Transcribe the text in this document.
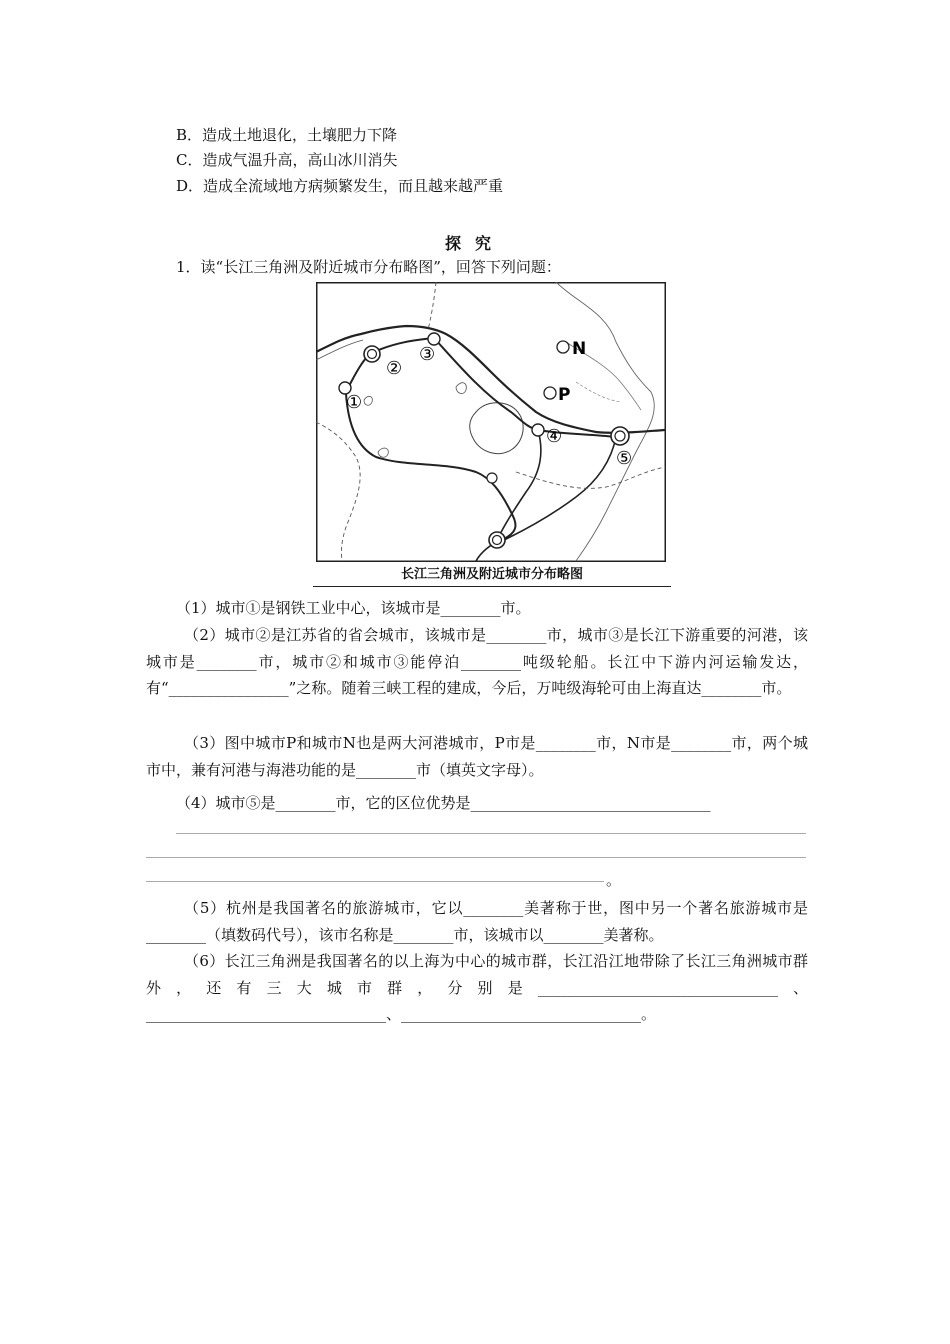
B．造成土地退化，土壤肥力下降
C．造成气温升高，高山冰川消失
D．造成全流域地方病频繁发生，而且越来越严重
探究
1．读“长江三角洲及附近城市分布略图”，回答下列问题：
②
③
①
④
⑤
N
P
长江三角洲及附近城市分布略图
（1）城市①是钢铁工业中心，该城市是________市。
（2）城市②是江苏省的省会城市，该城市是________市，城市③是长江下游重要的河港，该城市是________市，城市②和城市③能停泊________吨级轮船。长江中下游内河运输发达，有“________________”之称。随着三峡工程的建成，今后，万吨级海轮可由上海直达________市。
（3）图中城市P和城市N也是两大河港城市，P市是________市，N市是________市，两个城市中，兼有河港与海港功能的是________市（填英文字母）。
（4）城市⑤是________市，它的区位优势是________________________________
。
（5）杭州是我国著名的旅游城市，它以________美著称于世，图中另一个著名旅游城市是________（填数码代号），该市名称是________市，该城市以________美著称。
（6）长江三角洲是我国著名的以上海为中心的城市群，长江沿江地带除了长江三角洲城市群外，还有三大城市群，分别是________________________________、________________________________、________________________________。
